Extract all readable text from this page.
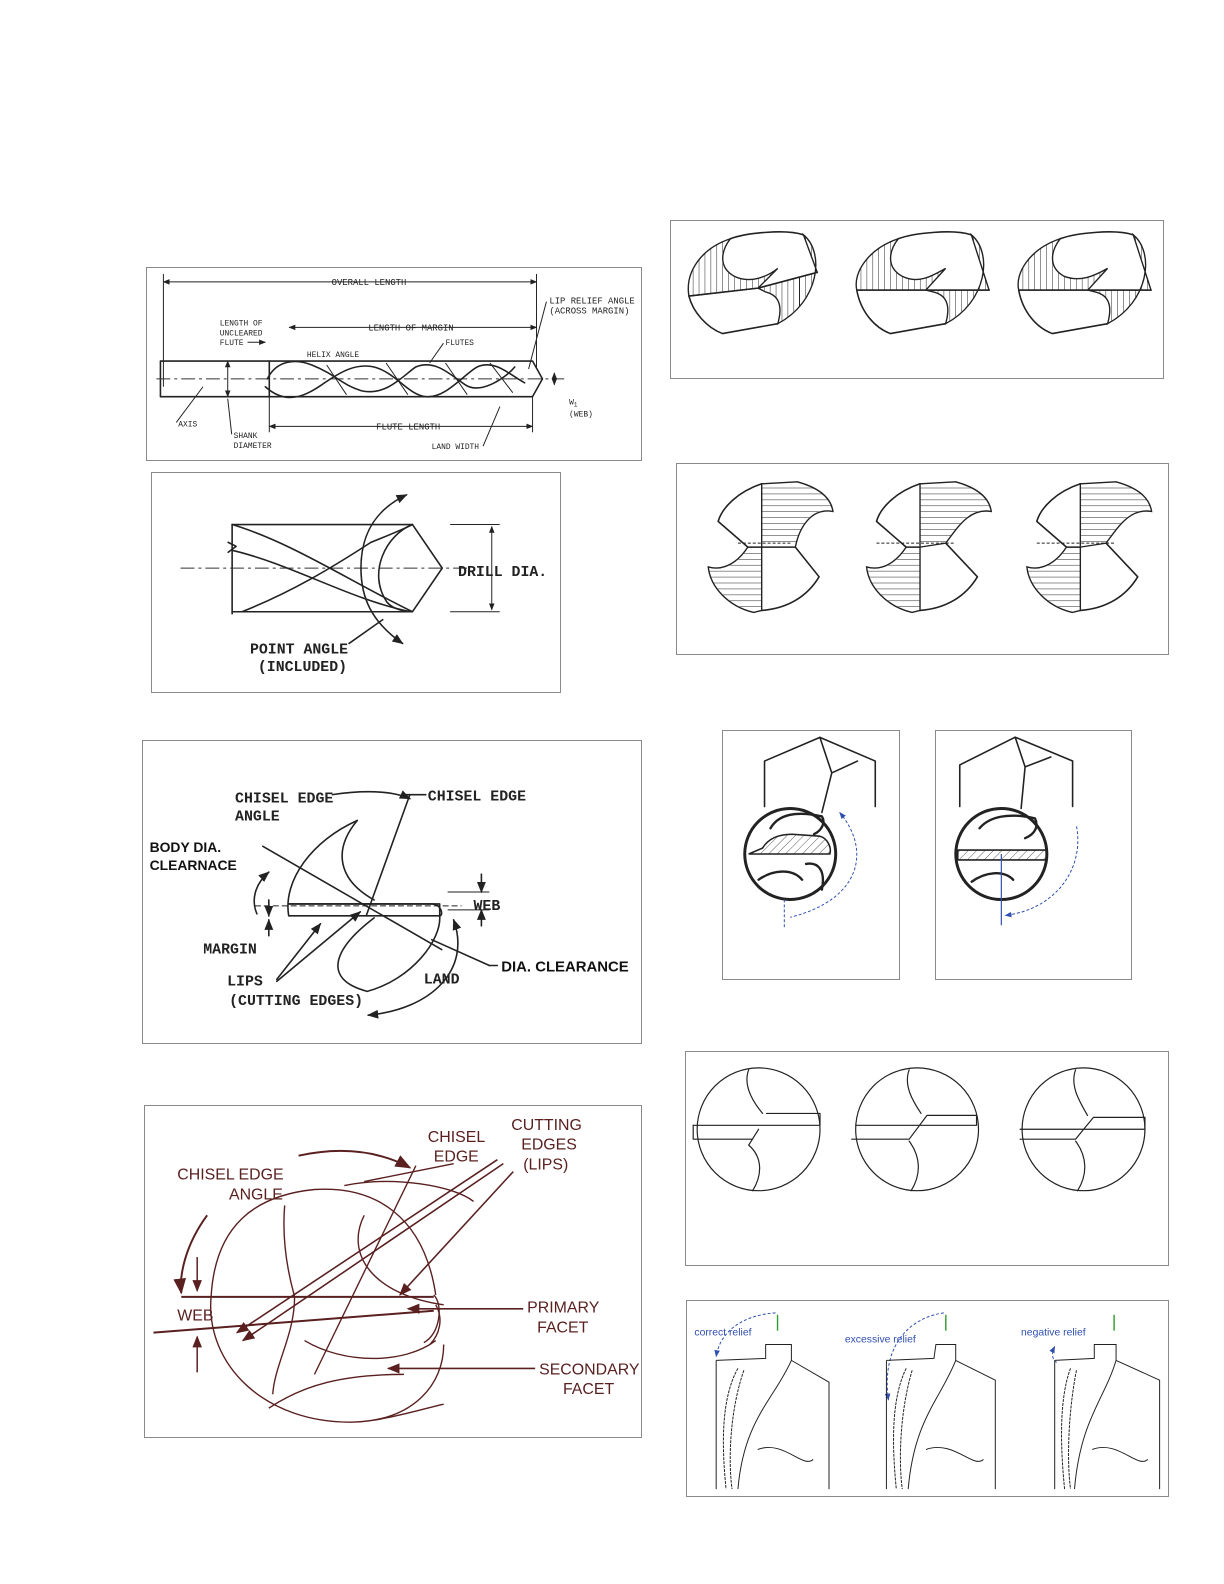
OVERALL LENGTH
LIP RELIEF ANGLE
(ACROSS MARGIN)
LENGTH OF
UNCLEARED
FLUTE
LENGTH OF MARGIN
HELIX ANGLE
FLUTES
FLUTE LENGTH
AXIS
SHANK
DIAMETER	LAND WIDTH
$W_1$
(WEB)
DRILL DIA.
POINT ANGLE
(INCLUDED)
CHISEL EDGE
ANGLE
CHISEL EDGE
BODY DIA.
CLEARNACE
WEB
MARGIN
LIPS
(CUTTING EDGES)
LAND
DIA. CLEARANCE
WEB
CHISEL EDGE
ANGLE
CHISEL
EDGE
CUTTING
EDGES
(LIPS)
PRIMARY
FACET
SECONDARY
FACET
correct relief
excessive relief
negative relief
